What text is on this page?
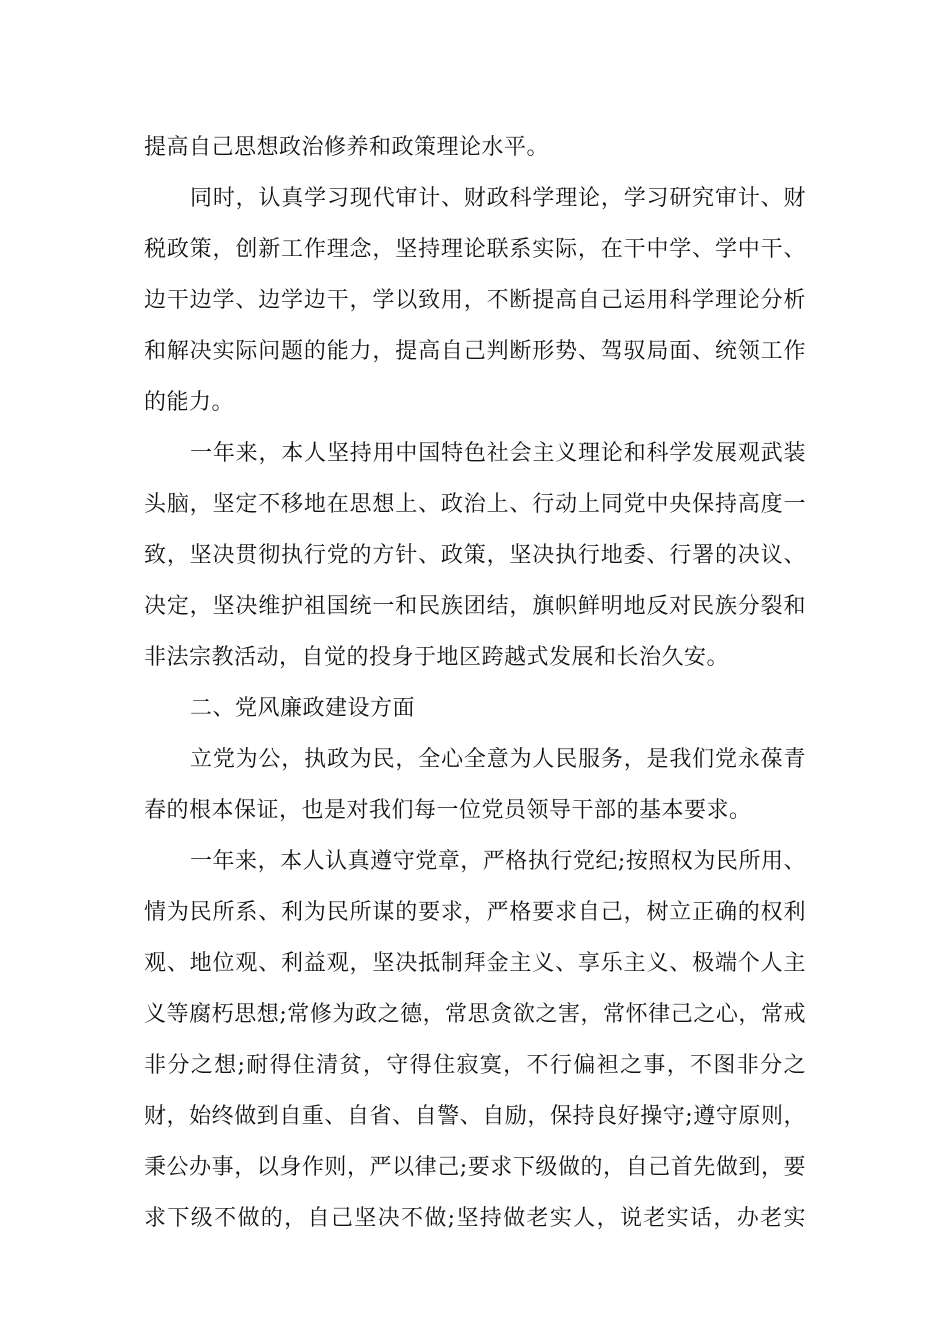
提高自己思想政治修养和政策理论水平。
同时，认真学习现代审计、财政科学理论，学习研究审计、财
税政策，创新工作理念，坚持理论联系实际，在干中学、学中干、
边干边学、边学边干，学以致用，不断提高自己运用科学理论分析
和解决实际问题的能力，提高自己判断形势、驾驭局面、统领工作
的能力。
一年来，本人坚持用中国特色社会主义理论和科学发展观武装
头脑，坚定不移地在思想上、政治上、行动上同党中央保持高度一
致，坚决贯彻执行党的方针、政策，坚决执行地委、行署的决议、
决定，坚决维护祖国统一和民族团结，旗帜鲜明地反对民族分裂和
非法宗教活动，自觉的投身于地区跨越式发展和长治久安。
二、党风廉政建设方面
立党为公，执政为民，全心全意为人民服务，是我们党永葆青
春的根本保证，也是对我们每一位党员领导干部的基本要求。
一年来，本人认真遵守党章，严格执行党纪;按照权为民所用、
情为民所系、利为民所谋的要求，严格要求自己，树立正确的权利
观、地位观、利益观，坚决抵制拜金主义、享乐主义、极端个人主
义等腐朽思想;常修为政之德，常思贪欲之害，常怀律己之心，常戒
非分之想;耐得住清贫，守得住寂寞，不行偏袒之事，不图非分之
财，始终做到自重、自省、自警、自励，保持良好操守;遵守原则，
秉公办事，以身作则，严以律己;要求下级做的，自己首先做到，要
求下级不做的，自己坚决不做;坚持做老实人，说老实话，办老实
